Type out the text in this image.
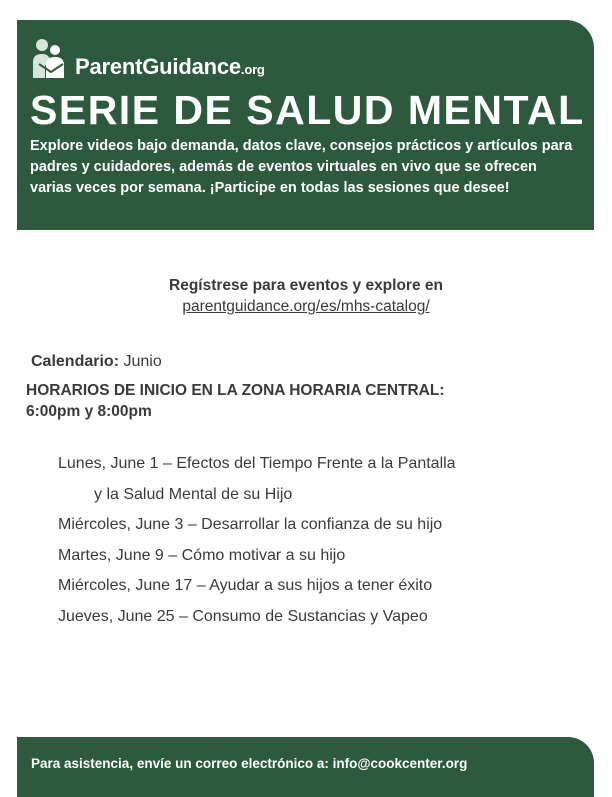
ParentGuidance.org
SERIE DE SALUD MENTAL

Explore videos bajo demanda, datos clave, consejos prácticos y artículos para padres y cuidadores, además de eventos virtuales en vivo que se ofrecen varias veces por semana. ¡Participe en todas las sesiones que desee!

Regístrese para eventos y explore en
parentguidance.org/es/mhs-catalog/
Calendario: Junio
HORARIOS DE INICIO EN LA ZONA HORARIA CENTRAL:
6:00pm y 8:00pm
Lunes, June 1 – Efectos del Tiempo Frente a la Pantalla
y la Salud Mental de su Hijo
Miércoles, June 3 – Desarrollar la confianza de su hijo
Martes, June 9 – Cómo motivar a su hijo
Miércoles, June 17 – Ayudar a sus hijos a tener éxito
Jueves, June 25 – Consumo de Sustancias y Vapeo
Para asistencia, envíe un correo electrónico a: info@cookcenter.org
